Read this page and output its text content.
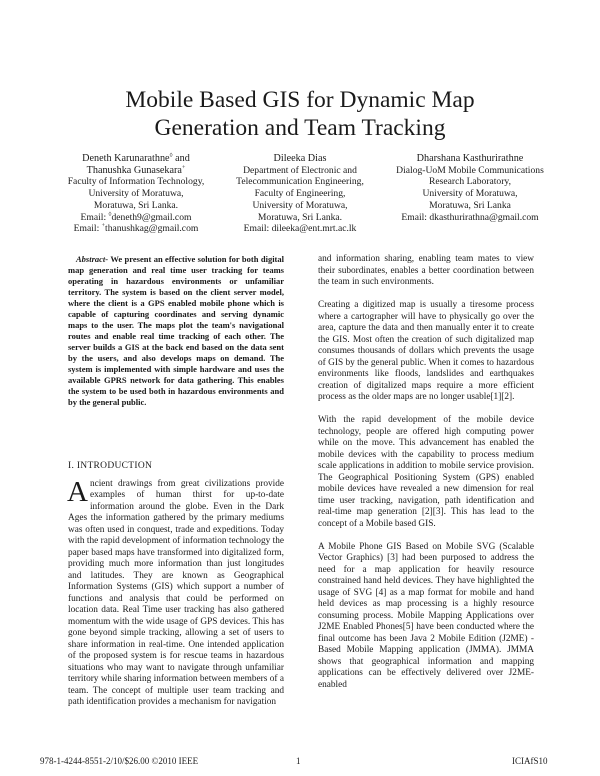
Mobile Based GIS for Dynamic Map
Generation and Team Tracking
Deneth Karunarathne◊ and
Thanushka Gunasekara+
Faculty of Information Technology,
University of Moratuwa,
Moratuwa, Sri Lanka.
Email: ◊deneth9@gmail.com
Email: +thanushkag@gmail.com
Dileeka Dias
Department of Electronic and
Telecommunication Engineering,
Faculty of Engineering,
University of Moratuwa,
Moratuwa, Sri Lanka.
Email: dileeka@ent.mrt.ac.lk
Dharshana Kasthurirathne
Dialog-UoM Mobile Communications
Research Laboratory,
University of Moratuwa,
Moratuwa, Sri Lanka
Email: dkasthurirathna@gmail.com

Abstract- We present an effective solution for both digital map generation and real time user tracking for teams operating in hazardous environments or unfamiliar territory. The system is based on the client server model, where the client is a GPS enabled mobile phone which is capable of capturing coordinates and serving dynamic maps to the user. The maps plot the team's navigational routes and enable real time tracking of each other. The server builds a GIS at the back end based on the data sent by the users, and also develops maps on demand. The system is implemented with simple hardware and uses the available GPRS network for data gathering. This enables the system to be used both in hazardous environments and by the general public.

I. INTRODUCTION

Ancient drawings from great civilizations provide examples of human thirst for up-to-date information around the globe. Even in the Dark Ages the information gathered by the primary mediums was often used in conquest, trade and expeditions. Today with the rapid development of information technology the paper based maps have transformed into digitalized form, providing much more information than just longitudes and latitudes. They are known as Geographical Information Systems (GIS) which support a number of functions and analysis that could be performed on location data. Real Time user tracking has also gathered momentum with the wide usage of GPS devices. This has gone beyond simple tracking, allowing a set of users to share information in real-time. One intended application of the proposed system is for rescue teams in hazardous situations who may want to navigate through unfamiliar territory while sharing information between members of a team. The concept of multiple user team tracking and path identification provides a mechanism for navigation

and information sharing, enabling team mates to view their subordinates, enables a better coordination between the team in such environments.

Creating a digitized map is usually a tiresome process where a cartographer will have to physically go over the area, capture the data and then manually enter it to create the GIS. Most often the creation of such digitalized map consumes thousands of dollars which prevents the usage of GIS by the general public. When it comes to hazardous environments like floods, landslides and earthquakes creation of digitalized maps require a more efficient process as the older maps are no longer usable[1][2].

With the rapid development of the mobile device technology, people are offered high computing power while on the move. This advancement has enabled the mobile devices with the capability to process medium scale applications in addition to mobile service provision. The Geographical Positioning System (GPS) enabled mobile devices have revealed a new dimension for real time user tracking, navigation, path identification and real-time map generation [2][3]. This has lead to the concept of a Mobile based GIS.

A Mobile Phone GIS Based on Mobile SVG (Scalable Vector Graphics) [3] had been purposed to address the need for a map application for heavily resource constrained hand held devices. They have highlighted the usage of SVG [4] as a map format for mobile and hand held devices as map processing is a highly resource consuming process. Mobile Mapping Applications over J2ME Enabled Phones[5] have been conducted where the final outcome has been Java 2 Mobile Edition (J2ME) -Based Mobile Mapping application (JMMA). JMMA shows that geographical information and mapping applications can be effectively delivered over J2ME-enabled

978-1-4244-8551-2/10/$26.00 ©2010 IEEE	1	ICIAfS10
